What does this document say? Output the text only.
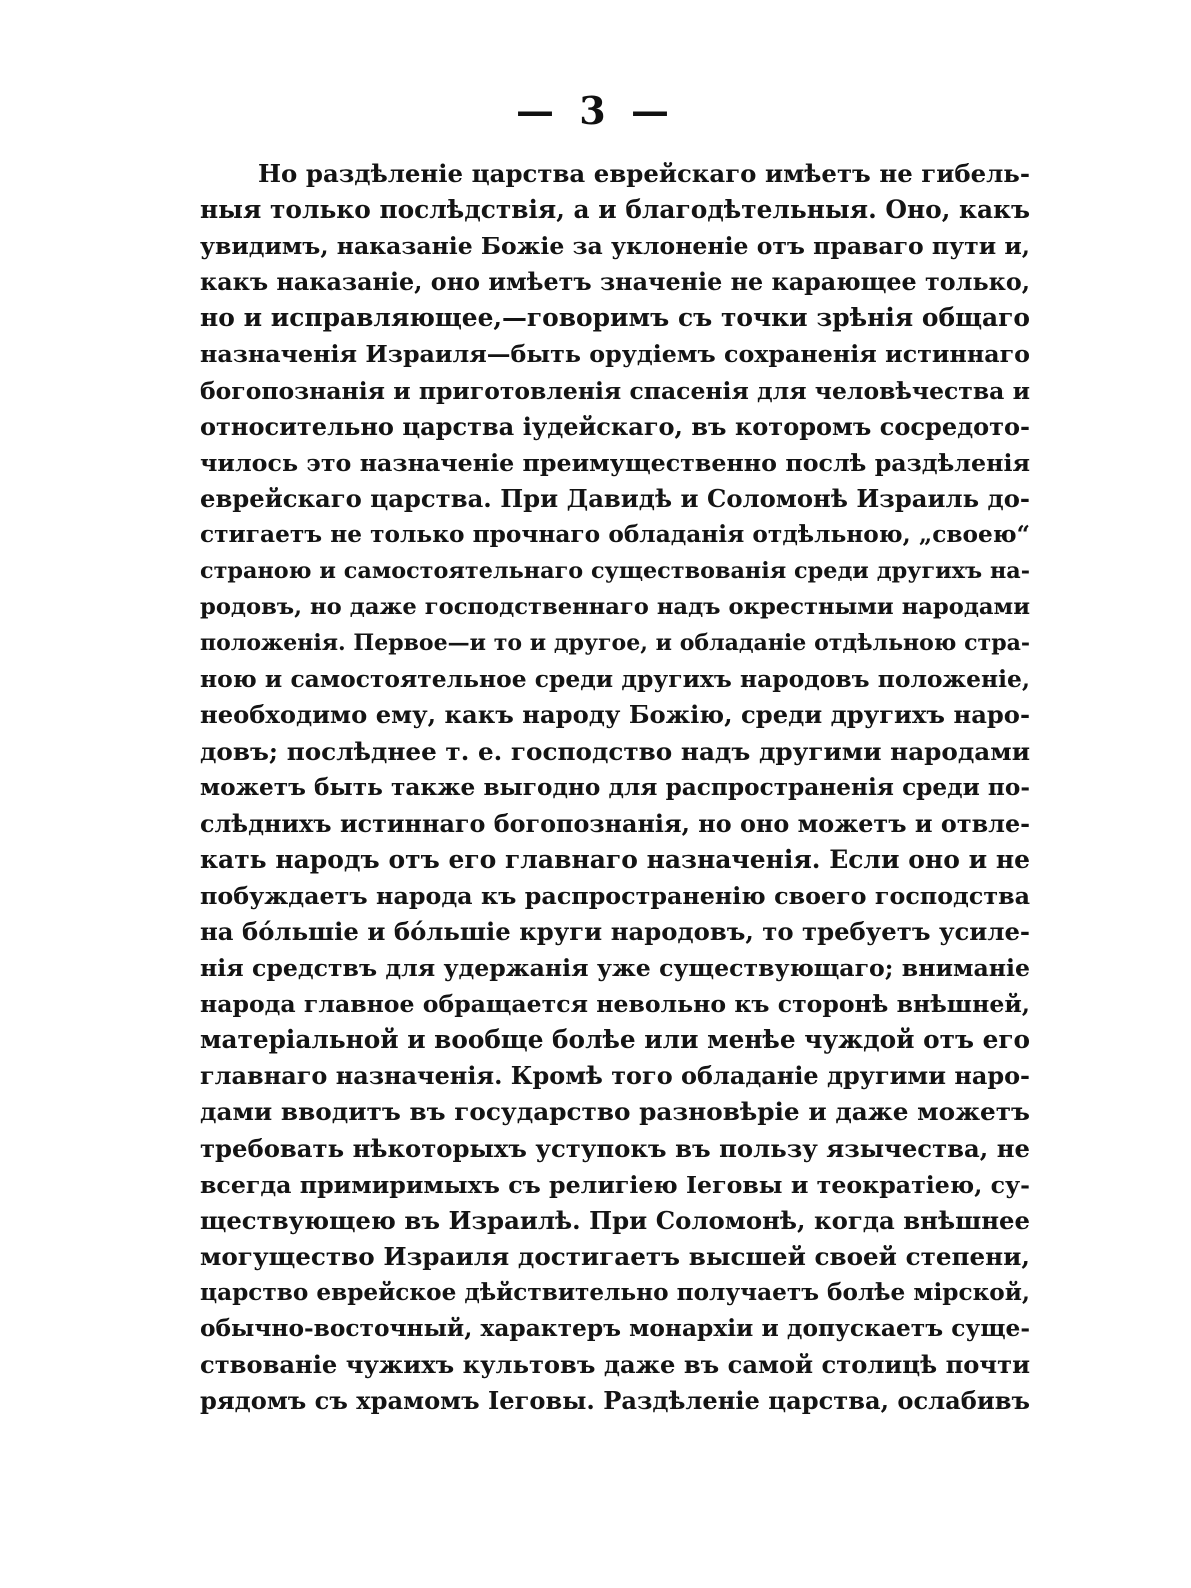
— 3 —
Но раздѣленіе царства еврейскаго имѣетъ не гибель-
ныя только послѣдствія, а и благодѣтельныя. Оно, какъ
увидимъ, наказаніе Божіе за уклоненіе отъ праваго пути и,
какъ наказаніе, оно имѣетъ значеніе не карающее только,
но и исправляющее,—говоримъ съ точки зрѣнія общаго
назначенія Израиля—быть орудіемъ сохраненія истиннаго
богопознанія и приготовленія спасенія для человѣчества и
относительно царства іудейскаго, въ которомъ сосредото-
чилось это назначеніе преимущественно послѣ раздѣленія
еврейскаго царства. При Давидѣ и Соломонѣ Израиль до-
стигаетъ не только прочнаго обладанія отдѣльною, „своею“
страною и самостоятельнаго существованія среди другихъ на-
родовъ, но даже господственнаго надъ окрестными народами
положенія. Первое—и то и другое, и обладаніе отдѣльною стра-
ною и самостоятельное среди другихъ народовъ положеніе,
необходимо ему, какъ народу Божію, среди другихъ наро-
довъ; послѣднее т. е. господство надъ другими народами
можетъ быть также выгодно для распространенія среди по-
слѣднихъ истиннаго богопознанія, но оно можетъ и отвле-
кать народъ отъ его главнаго назначенія. Если оно и не
побуждаетъ народа къ распространенію своего господства
на бóльшіе и бóльшіе круги народовъ, то требуетъ усиле-
нія средствъ для удержанія уже существующаго; вниманіе
народа главное обращается невольно къ сторонѣ внѣшней,
матеріальной и вообще болѣе или менѣе чуждой отъ его
главнаго назначенія. Кромѣ того обладаніе другими наро-
дами вводитъ въ государство разновѣріе и даже можетъ
требовать нѣкоторыхъ уступокъ въ пользу язычества, не
всегда примиримыхъ съ религіею Іеговы и теократіею, су-
ществующею въ Израилѣ. При Соломонѣ, когда внѣшнее
могущество Израиля достигаетъ высшей своей степени,
царство еврейское дѣйствительно получаетъ болѣе мірской,
обычно-восточный, характеръ монархіи и допускаетъ суще-
ствованіе чужихъ культовъ даже въ самой столицѣ почти
рядомъ съ храмомъ Іеговы. Раздѣленіе царства, ослабивъ
